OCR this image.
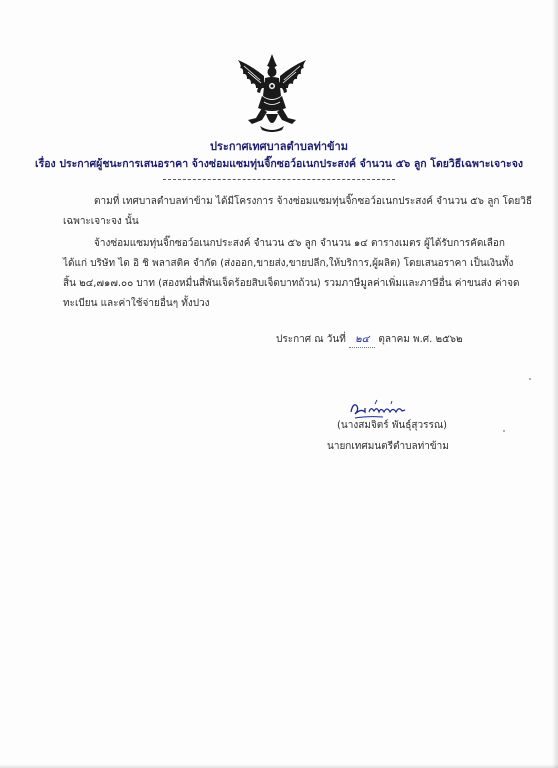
ประกาศเทศบาลตำบลท่าข้าม
เรื่อง ประกาศผู้ชนะการเสนอราคา จ้างซ่อมแซมทุ่นจิ๊กซอว์อเนกประสงค์ จำนวน ๕๖ ลูก โดยวิธีเฉพาะเจาะจง
ตามที่ เทศบาลตำบลท่าข้าม ได้มีโครงการ จ้างซ่อมแซมทุ่นจิ๊กซอว์อเนกประสงค์ จำนวน ๕๖ ลูก โดยวิธี
เฉพาะเจาะจง นั้น
จ้างซ่อมแซมทุ่นจิ๊กซอว์อเนกประสงค์ จำนวน ๕๖ ลูก จำนวน ๑๔ ตารางเมตร ผู้ได้รับการคัดเลือก
ได้แก่ บริษัท ได อิ ชิ พลาสติค จำกัด (ส่งออก,ขายส่ง,ขายปลีก,ให้บริการ,ผู้ผลิต) โดยเสนอราคา เป็นเงินทั้ง
สิ้น ๒๔,๗๑๗.๐๐ บาท (สองหมื่นสี่พันเจ็ดร้อยสิบเจ็ดบาทถ้วน) รวมภาษีมูลค่าเพิ่มและภาษีอื่น ค่าขนส่ง ค่าจด
ทะเบียน และค่าใช้จ่ายอื่นๆ ทั้งปวง
ประกาศ ณ วันที่ ๒๔ ตุลาคม พ.ศ. ๒๕๖๒
(นางสมจิตร์ พันธุ์สุวรรณ)
นายกเทศมนตรีตำบลท่าข้าม
